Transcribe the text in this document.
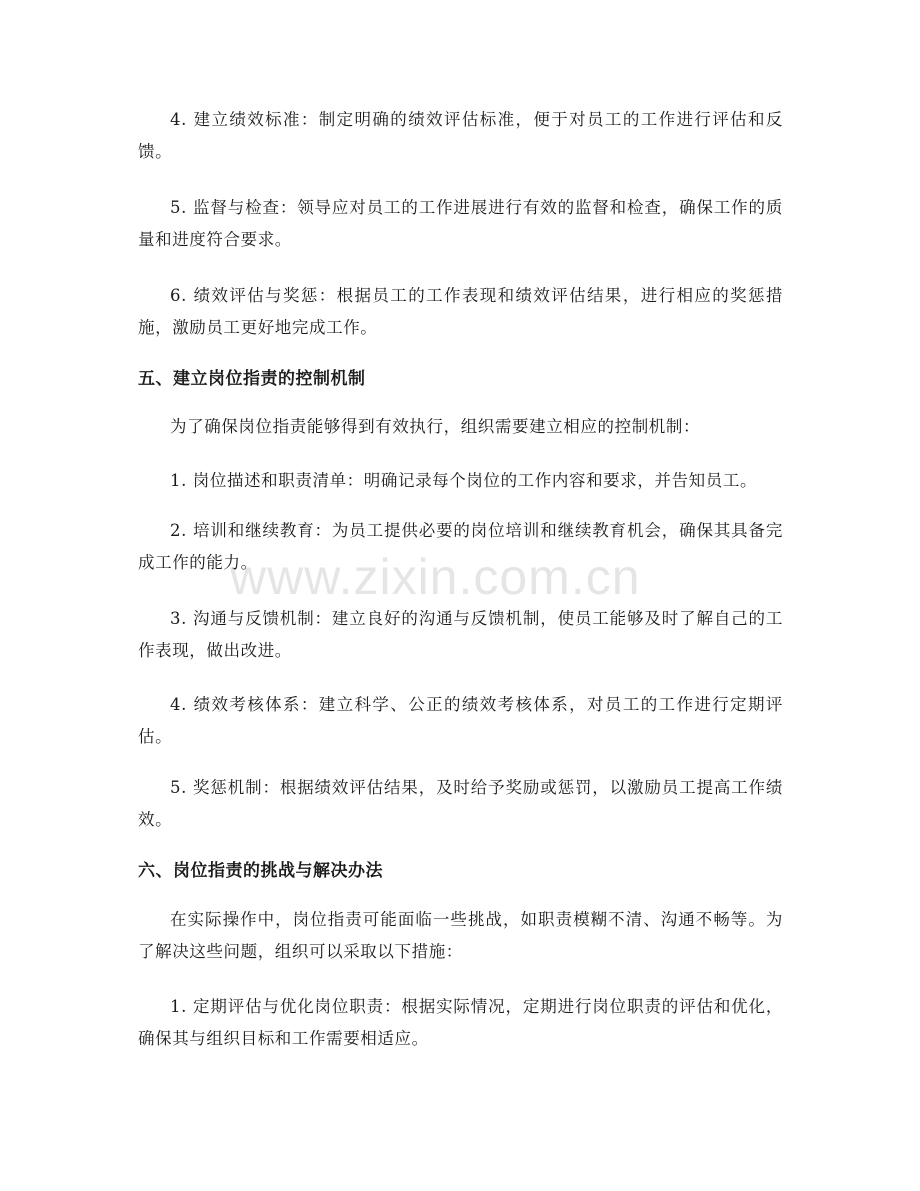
4. 建立绩效标准：制定明确的绩效评估标准，便于对员工的工作进行评估和反馈。

5. 监督与检查：领导应对员工的工作进展进行有效的监督和检查，确保工作的质量和进度符合要求。

6. 绩效评估与奖惩：根据员工的工作表现和绩效评估结果，进行相应的奖惩措施，激励员工更好地完成工作。

五、建立岗位指责的控制机制

为了确保岗位指责能够得到有效执行，组织需要建立相应的控制机制：

1. 岗位描述和职责清单：明确记录每个岗位的工作内容和要求，并告知员工。

2. 培训和继续教育：为员工提供必要的岗位培训和继续教育机会，确保其具备完成工作的能力。

3. 沟通与反馈机制：建立良好的沟通与反馈机制，使员工能够及时了解自己的工作表现，做出改进。

4. 绩效考核体系：建立科学、公正的绩效考核体系，对员工的工作进行定期评估。

5. 奖惩机制：根据绩效评估结果，及时给予奖励或惩罚，以激励员工提高工作绩效。

六、岗位指责的挑战与解决办法

在实际操作中，岗位指责可能面临一些挑战，如职责模糊不清、沟通不畅等。为了解决这些问题，组织可以采取以下措施：

1. 定期评估与优化岗位职责：根据实际情况，定期进行岗位职责的评估和优化，确保其与组织目标和工作需要相适应。

www.zixin.com.cn
